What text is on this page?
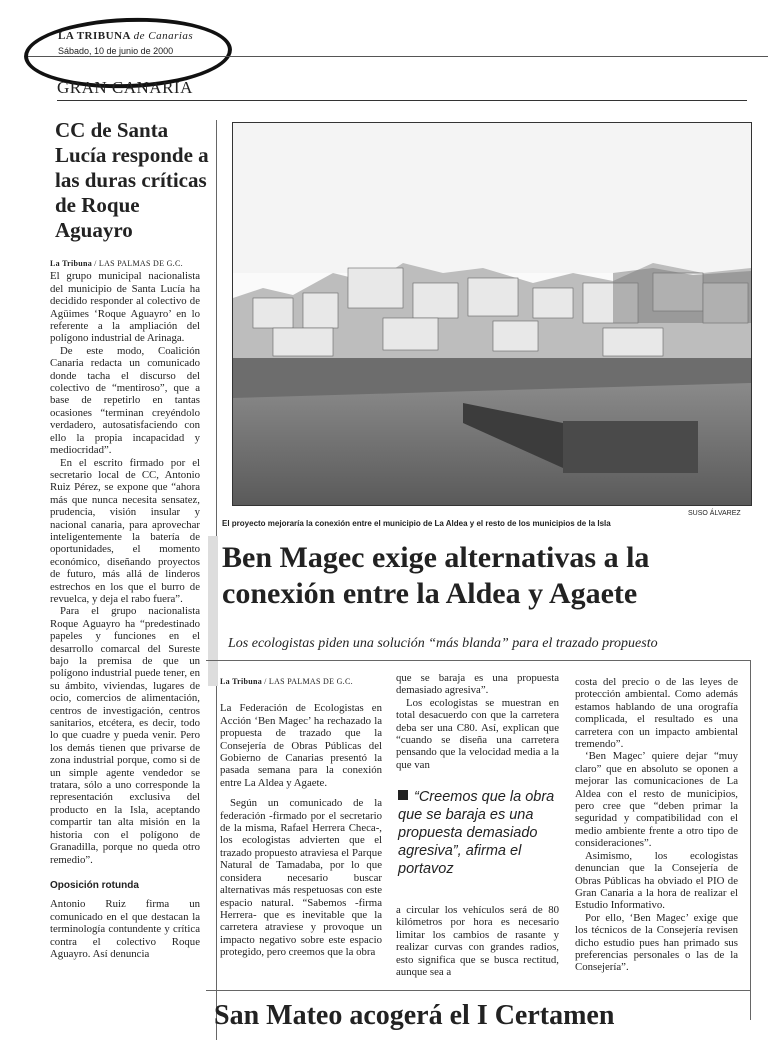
LA TRIBUNA de Canarias
Sábado, 10 de junio de 2000
GRAN CANARIA
CC de Santa Lucía responde a las duras críticas de Roque Aguayro
La Tribuna / LAS PALMAS DE G.C.

El grupo municipal nacionalista del municipio de Santa Lucía ha decidido responder al colectivo de Agüimes ‘Roque Aguayro’ en lo referente a la ampliación del polígono industrial de Arinaga.

De este modo, Coalición Canaria redacta un comunicado donde tacha el discurso del colectivo de “mentiroso”, que a base de repetirlo en tantas ocasiones “terminan creyéndolo verdadero, autosatisfaciendo con ello la propia incapacidad y mediocridad”.

En el escrito firmado por el secretario local de CC, Antonio Ruiz Pérez, se expone que “ahora más que nunca necesita sensatez, prudencia, visión insular y nacional canaria, para aprovechar inteligentemente la batería de oportunidades, el momento económico, diseñando proyectos de futuro, más allá de linderos estrechos en los que el burro de revuelca, y deja el rabo fuera”.

Para el grupo nacionalista Roque Aguayro ha “predestinado papeles y funciones en el desarrollo comarcal del Sureste bajo la premisa de que un polígono industrial puede tener, en su ámbito, viviendas, lugares de ocio, comercios de alimentación, centros de investigación, centros sanitarios, etcétera, es decir, todo lo que cuadre y pueda venir. Pero los demás tienen que privarse de zona industrial porque, como si de un simple agente vendedor se tratara, sólo a uno corresponde la representación exclusiva del producto en la Isla, aceptando compartir tan alta misión en la historia con el polígono de Granadilla, porque no queda otro remedio”.

Oposición rotunda

Antonio Ruiz firma un comunicado en el que destacan la terminología contundente y crítica contra el colectivo Roque Aguayro. Así denuncia

SUSO ÁLVAREZ
El proyecto mejoraría la conexión entre el municipio de La Aldea y el resto de los municipios de la Isla
Ben Magec exige alternativas a la conexión entre la Aldea y Agaete
Los ecologistas piden una solución “más blanda” para el trazado propuesto
La Tribuna / LAS PALMAS DE G.C.

La Federación de Ecologistas en Acción ‘Ben Magec’ ha rechazado la propuesta de trazado que la Consejería de Obras Públicas del Gobierno de Canarias presentó la pasada semana para la conexión entre La Aldea y Agaete.

Según un comunicado de la federación -firmado por el secretario de la misma, Rafael Herrera Checa-, los ecologistas advierten que el trazado propuesto atraviesa el Parque Natural de Tamadaba, por lo que considera necesario buscar alternativas más respetuosas con este espacio natural. “Sabemos -firma Herrera- que es inevitable que la carretera atraviese y provoque un impacto negativo sobre este espacio protegido, pero creemos que la obra

que se baraja es una propuesta demasiado agresiva”.

Los ecologistas se muestran en total desacuerdo con que la carretera deba ser una C80. Así, explican que “cuando se diseña una carretera pensando que la velocidad media a la que van

“Creemos que la obra que se baraja es una propuesta demasiado agresiva”, afirma el portavoz

a circular los vehículos será de 80 kilómetros por hora es necesario limitar los cambios de rasante y realizar curvas con grandes radios, esto significa que se busca rectitud, aunque sea a

costa del precio o de las leyes de protección ambiental. Como además estamos hablando de una orografía complicada, el resultado es una carretera con un impacto ambiental tremendo”.

‘Ben Magec’ quiere dejar “muy claro” que en absoluto se oponen a mejorar las comunicaciones de La Aldea con el resto de municipios, pero cree que “deben primar la seguridad y compatibilidad con el medio ambiente frente a otro tipo de consideraciones”.

Asimismo, los ecologistas denuncian que la Consejería de Obras Públicas ha obviado el PIO de Gran Canaria a la hora de realizar el Estudio Informativo.

Por ello, ‘Ben Magec’ exige que los técnicos de la Consejería revisen dicho estudio pues han primado sus preferencias personales o las de la Consejería”.

San Mateo acogerá el I Certamen
